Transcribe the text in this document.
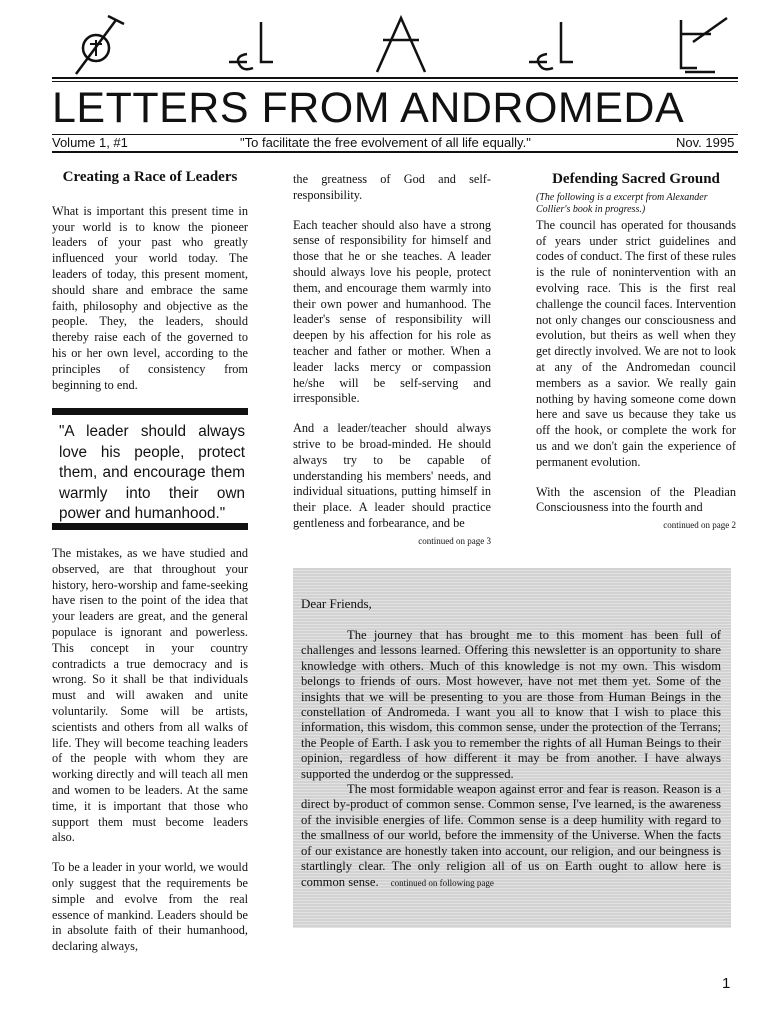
LETTERS FROM ANDROMEDA
Volume 1, #1	"To facilitate the free evolvement of all life equally."	Nov. 1995
Creating a Race of Leaders

What is important this present time in your world is to know the pioneer leaders of your past who greatly influenced your world today. The leaders of today, this present moment, should share and embrace the same faith, philosophy and objective as the people. They, the leaders, should thereby raise each of the governed to his or her own level, according to the principles of consistency from beginning to end.

"A leader should always love his people, protect them, and encourage them warmly into their own power and humanhood."

The mistakes, as we have studied and observed, are that throughout your history, hero-worship and fame-seeking have risen to the point of the idea that your leaders are great, and the general populace is ignorant and powerless. This concept in your country contradicts a true democracy and is wrong. So it shall be that individuals must and will awaken and unite voluntarily. Some will be artists, scientists and others from all walks of life. They will become teaching leaders of the people with whom they are working directly and will teach all men and women to be leaders. At the same time, it is important that those who support them must become leaders also.

To be a leader in your world, we would only suggest that the requirements be simple and evolve from the real essence of mankind. Leaders should be in absolute faith of their humanhood, declaring always,

the greatness of God and self-responsibility.

Each teacher should also have a strong sense of responsibility for himself and those that he or she teaches. A leader should always love his people, protect them, and encourage them warmly into their own power and humanhood. The leader's sense of responsibility will deepen by his affection for his role as teacher and father or mother. When a leader lacks mercy or compassion he/she will be self-serving and irresponsible.

And a leader/teacher should always strive to be broad-minded. He should always try to be capable of understanding his members' needs, and individual situations, putting himself in their place. A leader should practice gentleness and forbearance, and be

continued on page 3
Defending Sacred Ground
(The following is a excerpt from Alexander Collier's book in progress.)

The council has operated for thousands of years under strict guidelines and codes of conduct. The first of these rules is the rule of nonintervention with an evolving race. This is the first real challenge the council faces. Intervention not only changes our consciousness and evolution, but theirs as well when they get directly involved. We are not to look at any of the Andromedan council members as a savior. We really gain nothing by having someone come down here and save us because they take us off the hook, or complete the work for us and we don't gain the experience of permanent evolution.

With the ascension of the Pleadian Consciousness into the fourth and

continued on page 2
Dear Friends,

The journey that has brought me to this moment has been full of challenges and lessons learned. Offering this newsletter is an opportunity to share knowledge with others. Much of this knowledge is not my own. This wisdom belongs to friends of ours. Most however, have not met them yet. Some of the insights that we will be presenting to you are those from Human Beings in the constellation of Andromeda. I want you all to know that I wish to place this information, this wisdom, this common sense, under the protection of the Terrans; the People of Earth. I ask you to remember the rights of all Human Beings to their opinion, regardless of how different it may be from another. I have always supported the underdog or the suppressed.

The most formidable weapon against error and fear is reason. Reason is a direct by-product of common sense. Common sense, I've learned, is the awareness of the invisible energies of life. Common sense is a deep humility with regard to the smallness of our world, before the immensity of the Universe. When the facts of our existance are honestly taken into account, our religion, and our beingness is startlingly clear. The only religion all of us on Earth ought to allow here is common sense. continued on following page

1
